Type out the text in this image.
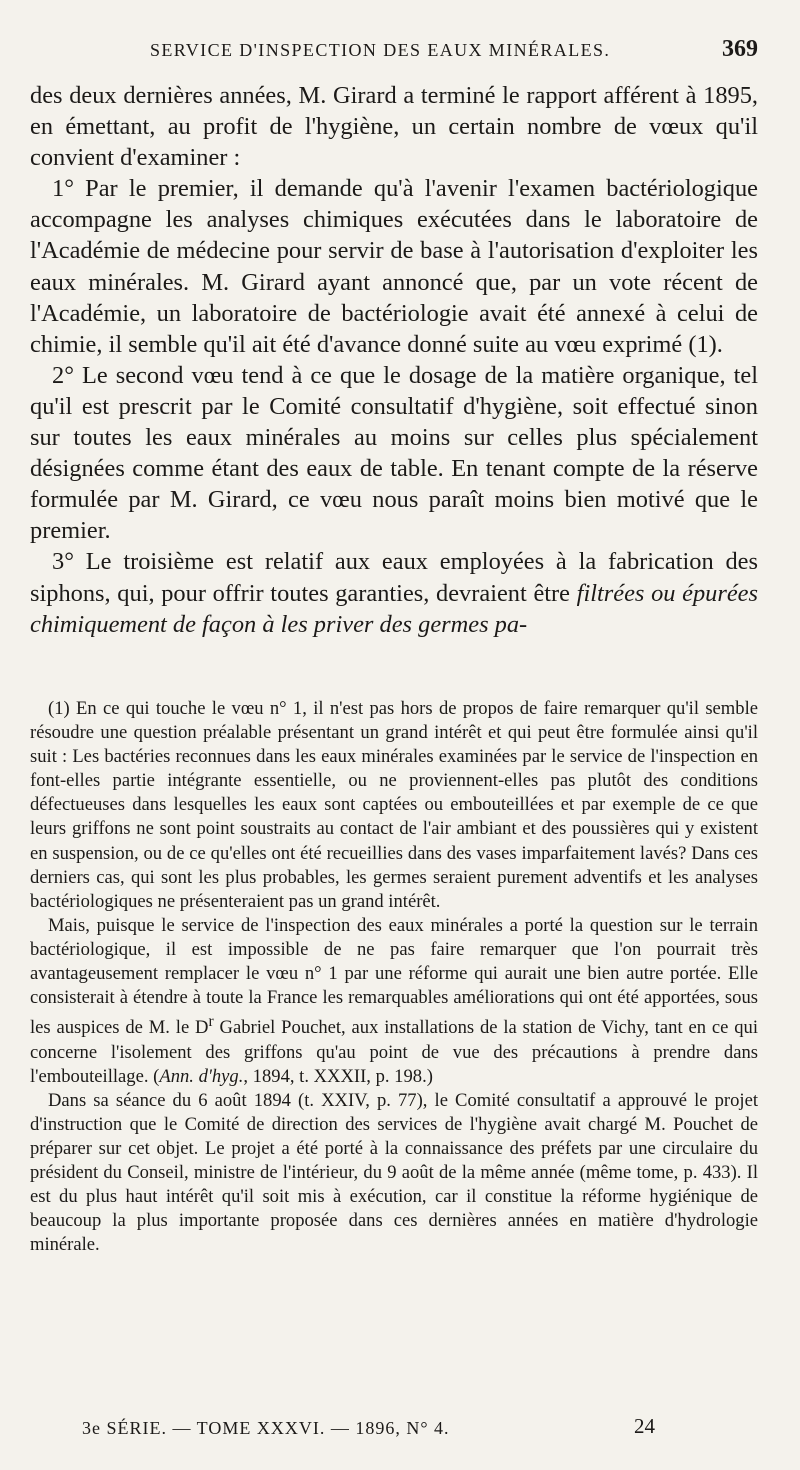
SERVICE D'INSPECTION DES EAUX MINÉRALES.	369

des deux dernières années, M. Girard a terminé le rapport afférent à 1895, en émettant, au profit de l'hygiène, un certain nombre de vœux qu'il convient d'examiner :

1° Par le premier, il demande qu'à l'avenir l'examen bactériologique accompagne les analyses chimiques exécutées dans le laboratoire de l'Académie de médecine pour servir de base à l'autorisation d'exploiter les eaux minérales. M. Girard ayant annoncé que, par un vote récent de l'Académie, un laboratoire de bactériologie avait été annexé à celui de chimie, il semble qu'il ait été d'avance donné suite au vœu exprimé (1).

2° Le second vœu tend à ce que le dosage de la matière organique, tel qu'il est prescrit par le Comité consultatif d'hygiène, soit effectué sinon sur toutes les eaux minérales au moins sur celles plus spécialement désignées comme étant des eaux de table. En tenant compte de la réserve formulée par M. Girard, ce vœu nous paraît moins bien motivé que le premier.

3° Le troisième est relatif aux eaux employées à la fabrication des siphons, qui, pour offrir toutes garanties, devraient être filtrées ou épurées chimiquement de façon à les priver des germes pa-

(1) En ce qui touche le vœu n° 1, il n'est pas hors de propos de faire remarquer qu'il semble résoudre une question préalable présentant un grand intérêt et qui peut être formulée ainsi qu'il suit : Les bactéries reconnues dans les eaux minérales examinées par le service de l'inspection en font-elles partie intégrante essentielle, ou ne proviennent-elles pas plutôt des conditions défectueuses dans lesquelles les eaux sont captées ou embouteillées et par exemple de ce que leurs griffons ne sont point soustraits au contact de l'air ambiant et des poussières qui y existent en suspension, ou de ce qu'elles ont été recueillies dans des vases imparfaitement lavés? Dans ces derniers cas, qui sont les plus probables, les germes seraient purement adventifs et les analyses bactériologiques ne présenteraient pas un grand intérêt.

Mais, puisque le service de l'inspection des eaux minérales a porté la question sur le terrain bactériologique, il est impossible de ne pas faire remarquer que l'on pourrait très avantageusement remplacer le vœu n° 1 par une réforme qui aurait une bien autre portée. Elle consisterait à étendre à toute la France les remarquables améliorations qui ont été apportées, sous les auspices de M. le $D^r$ Gabriel Pouchet, aux installations de la station de Vichy, tant en ce qui concerne l'isolement des griffons qu'au point de vue des précautions à prendre dans l'embouteillage. (Ann. d'hyg., 1894, t. XXXII, p. 198.)

Dans sa séance du 6 août 1894 (t. XXIV, p. 77), le Comité consultatif a approuvé le projet d'instruction que le Comité de direction des services de l'hygiène avait chargé M. Pouchet de préparer sur cet objet. Le projet a été porté à la connaissance des préfets par une circulaire du président du Conseil, ministre de l'intérieur, du 9 août de la même année (même tome, p. 433). Il est du plus haut intérêt qu'il soit mis à exécution, car il constitue la réforme hygiénique de beaucoup la plus importante proposée dans ces dernières années en matière d'hydrologie minérale.

3e SÉRIE. — TOME XXXVI. — 1896, N° 4.	24
